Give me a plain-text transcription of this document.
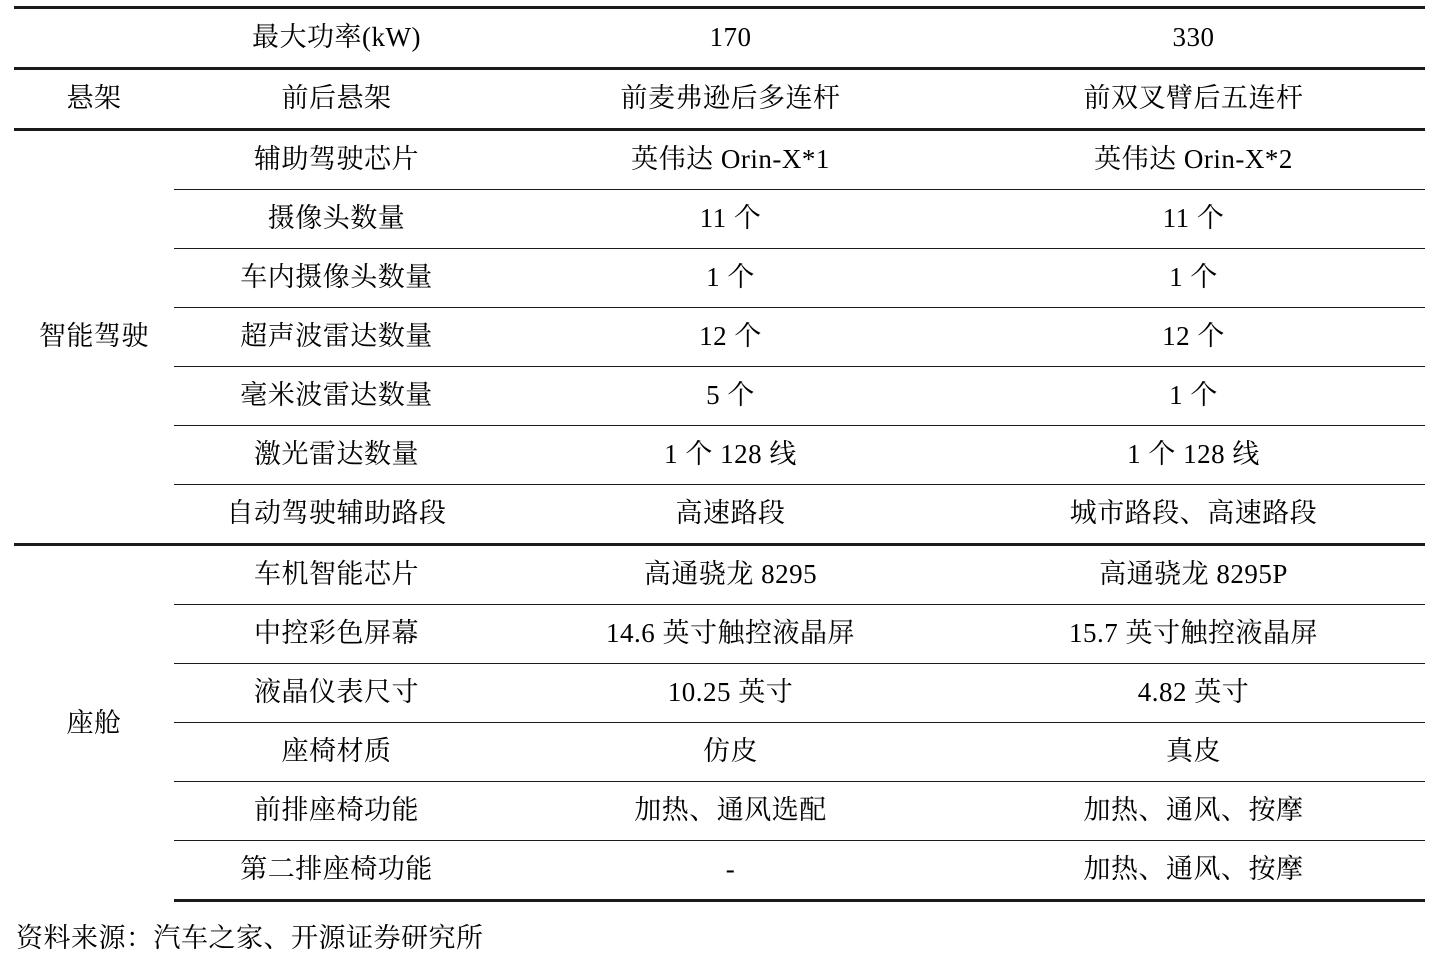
	最大功率(kW)	170	330
悬架	前后悬架	前麦弗逊后多连杆	前双叉臂后五连杆
智能驾驶	辅助驾驶芯片	英伟达 Orin-X*1	英伟达 Orin-X*2
	摄像头数量	11 个	11 个
	车内摄像头数量	1 个	1 个
	超声波雷达数量	12 个	12 个
	毫米波雷达数量	5 个	1 个
	激光雷达数量	1 个 128 线	1 个 128 线
	自动驾驶辅助路段	高速路段	城市路段、高速路段
座舱	车机智能芯片	高通骁龙 8295	高通骁龙 8295P
	中控彩色屏幕	14.6 英寸触控液晶屏	15.7 英寸触控液晶屏
	液晶仪表尺寸	10.25 英寸	4.82 英寸
	座椅材质	仿皮	真皮
	前排座椅功能	加热、通风选配	加热、通风、按摩
	第二排座椅功能	-	加热、通风、按摩
资料来源：汽车之家、开源证券研究所
